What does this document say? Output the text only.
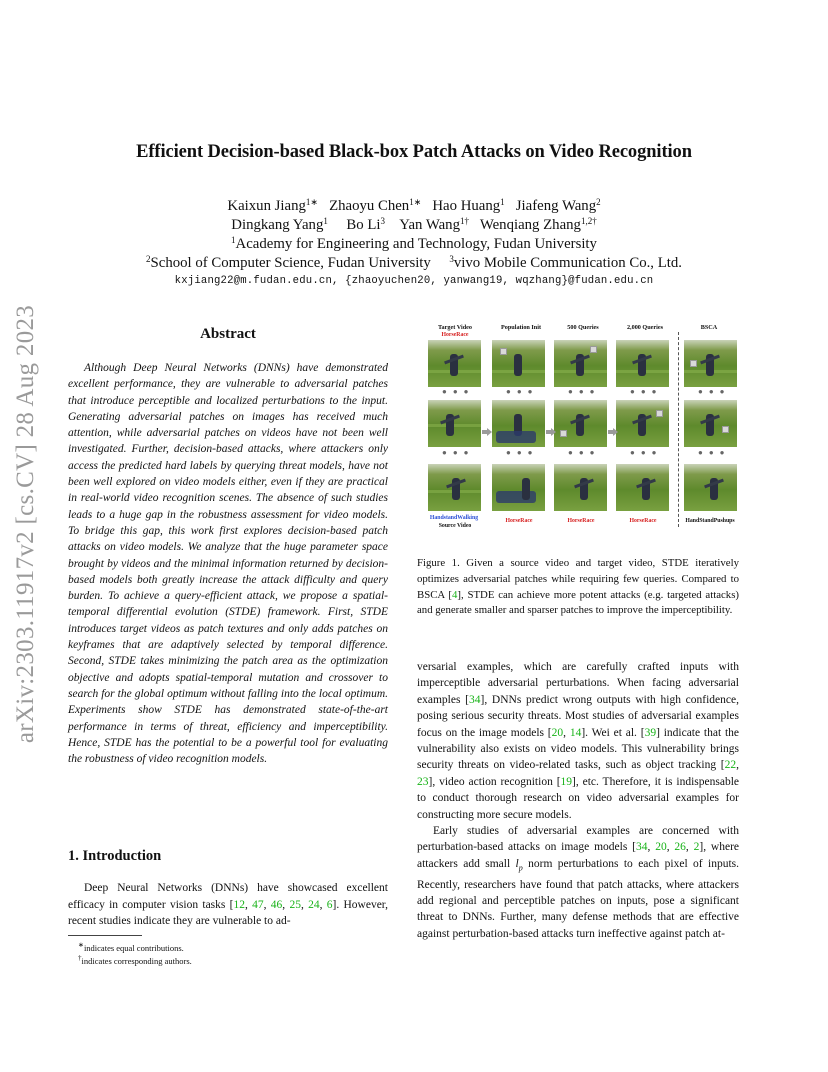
arXiv:2303.11917v2 [cs.CV] 28 Aug 2023
Efficient Decision-based Black-box Patch Attacks on Video Recognition
Kaixun Jiang$^{1∗}$ Zhaoyu Chen$^{1∗}$ Hao Huang$^1$ Jiafeng Wang$^2$
Dingkang Yang$^1$ Bo Li$^3$ Yan Wang$^{1\dagger}$ Wenqiang Zhang$^{1,2\dagger}$
$^1$Academy for Engineering and Technology, Fudan University
$^2$School of Computer Science, Fudan University $^3$vivo Mobile Communication Co., Ltd.
kxjiang22@m.fudan.edu.cn, {zhaoyuchen20, yanwang19, wqzhang}@fudan.edu.cn
Abstract
Although Deep Neural Networks (DNNs) have demonstrated excellent performance, they are vulnerable to adversarial patches that introduce perceptible and localized perturbations to the input. Generating adversarial patches on images has received much attention, while adversarial patches on videos have not been well investigated. Further, decision-based attacks, where attackers only access the predicted hard labels by querying threat models, have not been well explored on video models either, even if they are practical in real-world video recognition scenes. The absence of such studies leads to a huge gap in the robustness assessment for video models. To bridge this gap, this work first explores decision-based patch attacks on video models. We analyze that the huge parameter space brought by videos and the minimal information returned by decision-based models both greatly increase the attack difficulty and query burden. To achieve a query-efficient attack, we propose a spatial-temporal differential evolution (STDE) framework. First, STDE introduces target videos as patch textures and only adds patches on keyframes that are adaptively selected by temporal difference. Second, STDE takes minimizing the patch area as the optimization objective and adopts spatial-temporal mutation and crossover to search for the global optimum without falling into the local optimum. Experiments show STDE has demonstrated state-of-the-art performance in terms of threat, efficiency and imperceptibility. Hence, STDE has the potential to be a powerful tool for evaluating the robustness of video recognition models.
1. Introduction
Deep Neural Networks (DNNs) have showcased excellent efficacy in computer vision tasks [12, 47, 46, 25, 24, 6]. However, recent studies indicate they are vulnerable to ad-
∗indicates equal contributions.
†indicates corresponding authors.
Target Video	Population Init	500 Queries	2,000 Queries	BSCA
HorseRace
● ● ●
● ● ●
● ● ●
● ● ●
● ● ●
● ● ●
● ● ●
● ● ●
● ● ●
● ● ●
HandstandWalking
Source Video
HorseRace	HorseRace	HorseRace	HandStandPushups
Figure 1. Given a source video and target video, STDE iteratively optimizes adversarial patches while requiring few queries. Compared to BSCA [4], STDE can achieve more potent attacks (e.g. targeted attacks) and generate smaller and sparser patches to improve the imperceptibility.

versarial examples, which are carefully crafted inputs with imperceptible adversarial perturbations. When facing adversarial examples [34], DNNs predict wrong outputs with high confidence, posing serious security threats. Most studies of adversarial examples focus on the image models [20, 14]. Wei et al. [39] indicate that the vulnerability also exists on video models. This vulnerability brings security threats on video-related tasks, such as object tracking [22, 23], video action recognition [19], etc. Therefore, it is indispensable to conduct thorough research on video adversarial examples for constructing more secure models.

Early studies of adversarial examples are concerned with perturbation-based attacks on image models [34, 20, 26, 2], where attackers add small $l_p$ norm perturbations to each pixel of inputs. Recently, researchers have found that patch attacks, where attackers add regional and perceptible patches on inputs, pose a significant threat to DNNs. Further, many defense methods that are effective against perturbation-based attacks turn ineffective against patch at-
